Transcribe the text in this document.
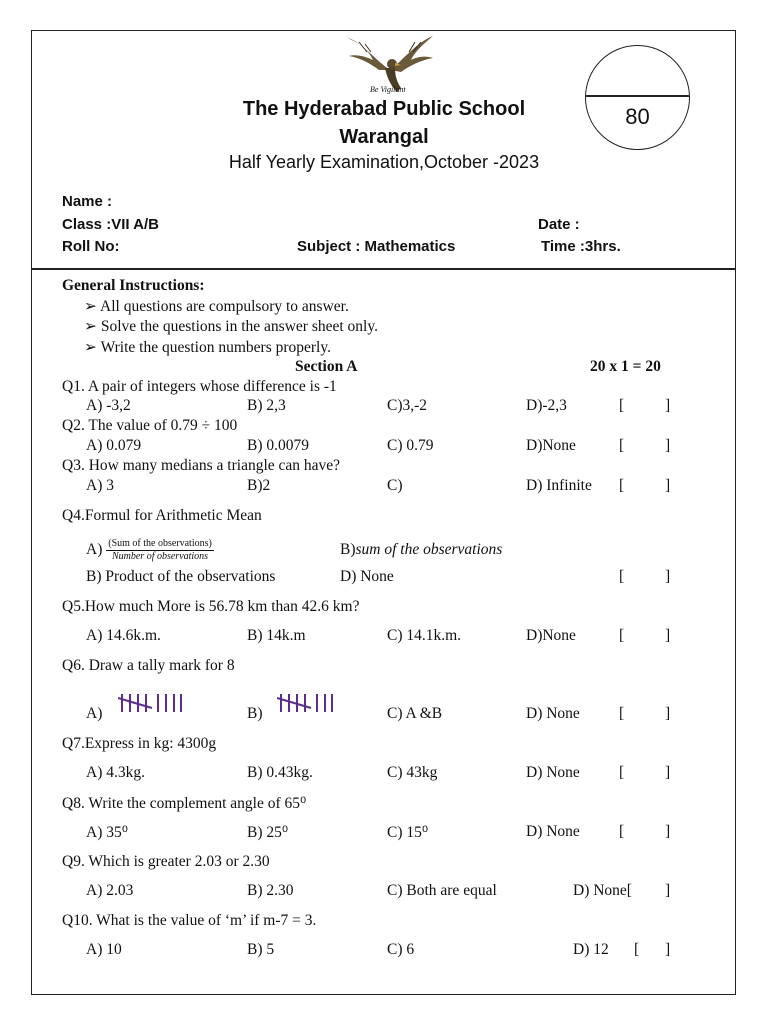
Be Vigilant
The Hyderabad Public School
Warangal
Half Yearly Examination,October -2023
80
Name :
Class :VII A/B	Date :
Roll No:	Subject : Mathematics	Time :3hrs.
General Instructions:
➢ All questions are compulsory to answer.
➢ Solve the questions in the answer sheet only.
➢ Write the question numbers properly.
Section A	20 x 1 = 20
Q1. A pair of integers whose difference is -1
A) -3,2	B) 2,3	C)3,-2	D)-2,3	[	]
Q2. The value of 0.79 ÷ 100
A) 0.079	B) 0.0079	C) 0.79	D)None	[	]
Q3. How many medians a triangle can have?
A) 3	B)2	C)	D) Infinite [	]
Q4.Formul for Arithmetic Mean
$A) \frac{\text{(Sum of the observations)}}{\text{Number of observations}}$	B)sum of the observations
B) Product of the observations	D) None	[	]
Q5.How much More is 56.78 km than 42.6 km?
A) 14.6k.m.	B) 14k.m	C) 14.1k.m.	D)None	[	]
Q6. Draw a tally mark for 8
A)	B)	C) A &B	D) None	[	]
Q7.Express in kg: 4300g
A) 4.3kg.	B) 0.43kg.	C) 43kg	D) None	[	]
Q8. Write the complement angle of 65⁰
A) 35⁰	B) 25⁰	C) 15⁰	D) None	[	]
Q9. Which is greater 2.03 or 2.30
A) 2.03	B) 2.30	C) Both are equal	D) None[ ]
Q10. What is the value of ‘m’ if m-7 = 3.
A) 10	B) 5	C) 6	D) 12 [ ]
